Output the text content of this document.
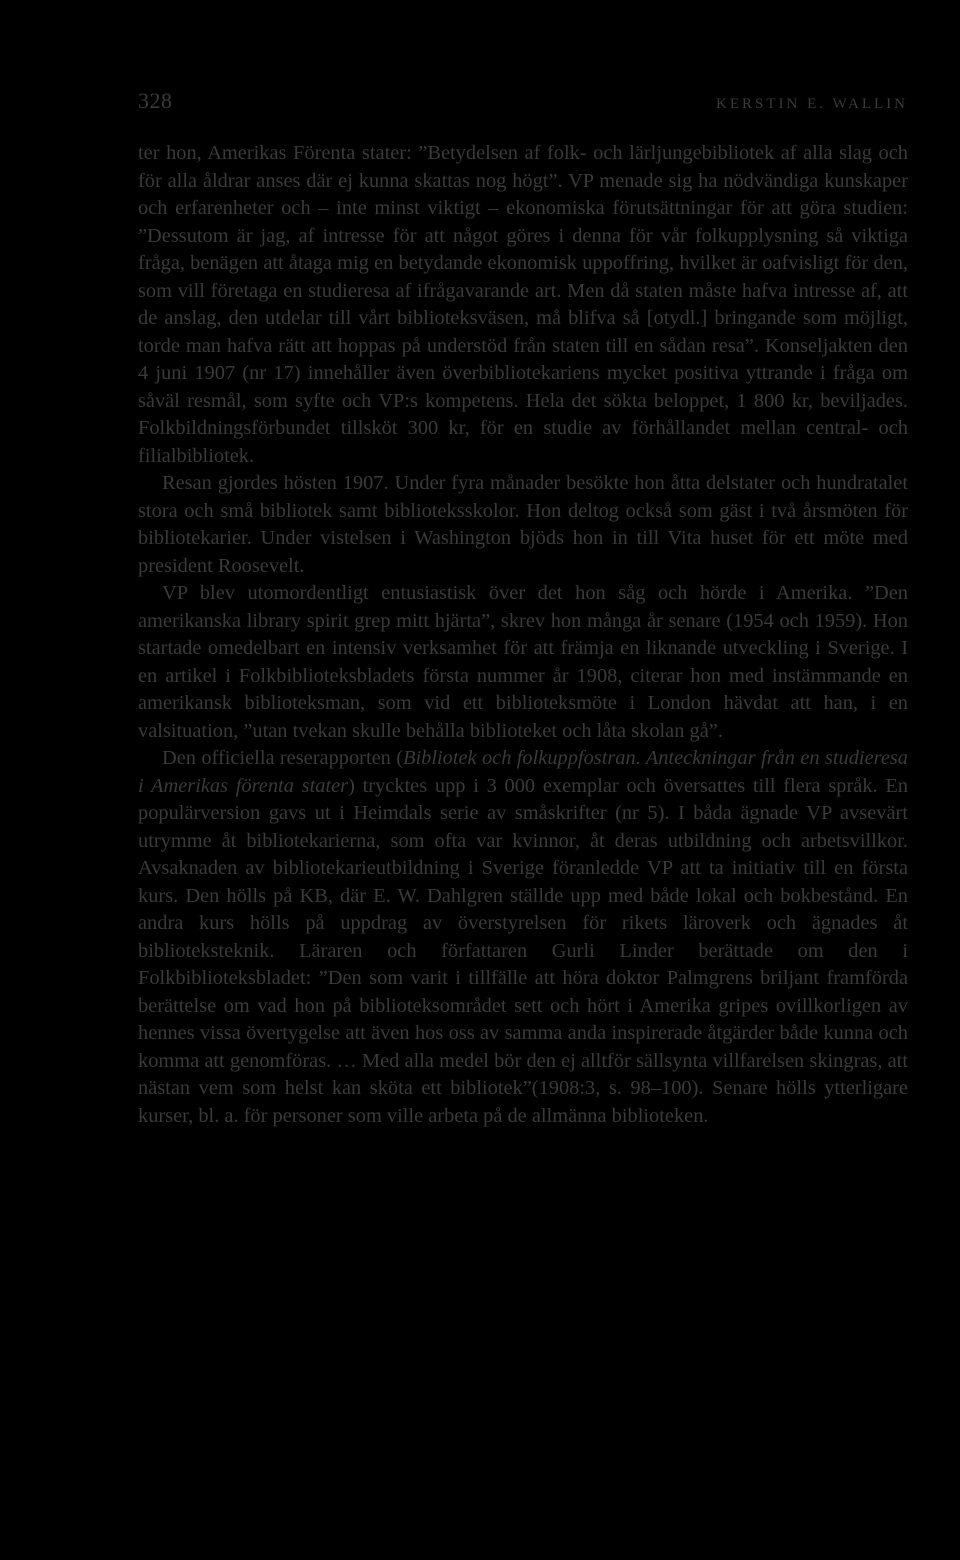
328	KERSTIN E. WALLIN

ter hon, Amerikas Förenta stater: ”Betydelsen af folk- och lärljungebibliotek af alla slag och för alla åldrar anses där ej kunna skattas nog högt”. VP menade sig ha nödvändiga kunskaper och erfarenheter och – inte minst viktigt – ekonomiska förutsättningar för att göra studien: ”Dessutom är jag, af intresse för att något göres i denna för vår folkupplysning så viktiga fråga, benägen att åtaga mig en betydande ekonomisk uppoffring, hvilket är oafvisligt för den, som vill företaga en studieresa af ifrågavarande art. Men då staten måste hafva intresse af, att de anslag, den utdelar till vårt biblioteksväsen, må blifva så [otydl.] bringande som möjligt, torde man hafva rätt att hoppas på understöd från staten till en sådan resa”. Konseljakten den 4 juni 1907 (nr 17) innehåller även överbibliotekariens mycket positiva yttrande i fråga om såväl resmål, som syfte och VP:s kompetens. Hela det sökta beloppet, 1 800 kr, beviljades. Folkbildningsförbundet tillsköt 300 kr, för en studie av förhållandet mellan central- och filialbibliotek.

Resan gjordes hösten 1907. Under fyra månader besökte hon åtta delstater och hundratalet stora och små bibliotek samt biblioteksskolor. Hon deltog också som gäst i två årsmöten för bibliotekarier. Under vistelsen i Washington bjöds hon in till Vita huset för ett möte med president Roosevelt.

VP blev utomordentligt entusiastisk över det hon såg och hörde i Amerika. ”Den amerikanska library spirit grep mitt hjärta”, skrev hon många år senare (1954 och 1959). Hon startade omedelbart en intensiv verksamhet för att främja en liknande utveckling i Sverige. I en artikel i Folkbiblioteksbladets första nummer år 1908, citerar hon med instämmande en amerikansk biblioteksman, som vid ett biblioteksmöte i London hävdat att han, i en valsituation, ”utan tvekan skulle behålla biblioteket och låta skolan gå”.

Den officiella reserapporten (Bibliotek och folkuppfostran. Anteckningar från en studieresa i Amerikas förenta stater) trycktes upp i 3 000 exemplar och översattes till flera språk. En populärversion gavs ut i Heimdals serie av småskrifter (nr 5). I båda ägnade VP avsevärt utrymme åt bibliotekarierna, som ofta var kvinnor, åt deras utbildning och arbetsvillkor. Avsaknaden av bibliotekarieutbildning i Sverige föranledde VP att ta initiativ till en första kurs. Den hölls på KB, där E. W. Dahlgren ställde upp med både lokal och bokbestånd. En andra kurs hölls på uppdrag av överstyrelsen för rikets läroverk och ägnades åt biblioteksteknik. Läraren och författaren Gurli Linder berättade om den i Folkbiblioteksbladet: ”Den som varit i tillfälle att höra doktor Palmgrens briljant framförda berättelse om vad hon på biblioteksområdet sett och hört i Amerika gripes ovillkorligen av hennes vissa övertygelse att även hos oss av samma anda inspirerade åtgärder både kunna och komma att genomföras. … Med alla medel bör den ej alltför sällsynta villfarelsen skingras, att nästan vem som helst kan sköta ett bibliotek”(1908:3, s. 98–100). Senare hölls ytterligare kurser, bl. a. för personer som ville arbeta på de allmänna biblioteken.
